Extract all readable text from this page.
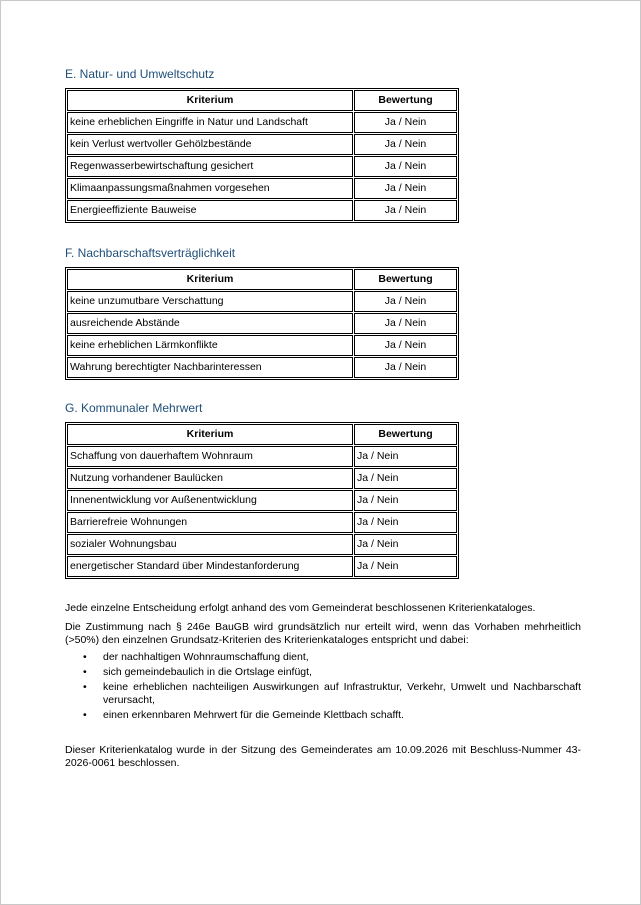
E. Natur- und Umweltschutz
Kriterium	Bewertung
keine erheblichen Eingriffe in Natur und Landschaft	Ja / Nein
kein Verlust wertvoller Gehölzbestände	Ja / Nein
Regenwasserbewirtschaftung gesichert	Ja / Nein
Klimaanpassungsmaßnahmen vorgesehen	Ja / Nein
Energieeffiziente Bauweise	Ja / Nein
F. Nachbarschaftsverträglichkeit
Kriterium	Bewertung
keine unzumutbare Verschattung	Ja / Nein
ausreichende Abstände	Ja / Nein
keine erheblichen Lärmkonflikte	Ja / Nein
Wahrung berechtigter Nachbarinteressen	Ja / Nein
G. Kommunaler Mehrwert
Kriterium	Bewertung
Schaffung von dauerhaftem Wohnraum	Ja / Nein
Nutzung vorhandener Baulücken	Ja / Nein
Innenentwicklung vor Außenentwicklung	Ja / Nein
Barrierefreie Wohnungen	Ja / Nein
sozialer Wohnungsbau	Ja / Nein
energetischer Standard über Mindestanforderung	Ja / Nein

Jede einzelne Entscheidung erfolgt anhand des vom Gemeinderat beschlossenen Kriterienkataloges.

Die Zustimmung nach § 246e BauGB wird grundsätzlich nur erteilt wird, wenn das Vorhaben mehrheitlich (>50%) den einzelnen Grundsatz-Kriterien des Kriterienkataloges entspricht und dabei:

• der nachhaltigen Wohnraumschaffung dient,
• sich gemeindebaulich in die Ortslage einfügt,
• keine erheblichen nachteiligen Auswirkungen auf Infrastruktur, Verkehr, Umwelt und Nachbarschaft verursacht,
• einen erkennbaren Mehrwert für die Gemeinde Klettbach schafft.

Dieser Kriterienkatalog wurde in der Sitzung des Gemeinderates am 10.09.2026 mit Beschluss-Nummer 43-2026-0061 beschlossen.
